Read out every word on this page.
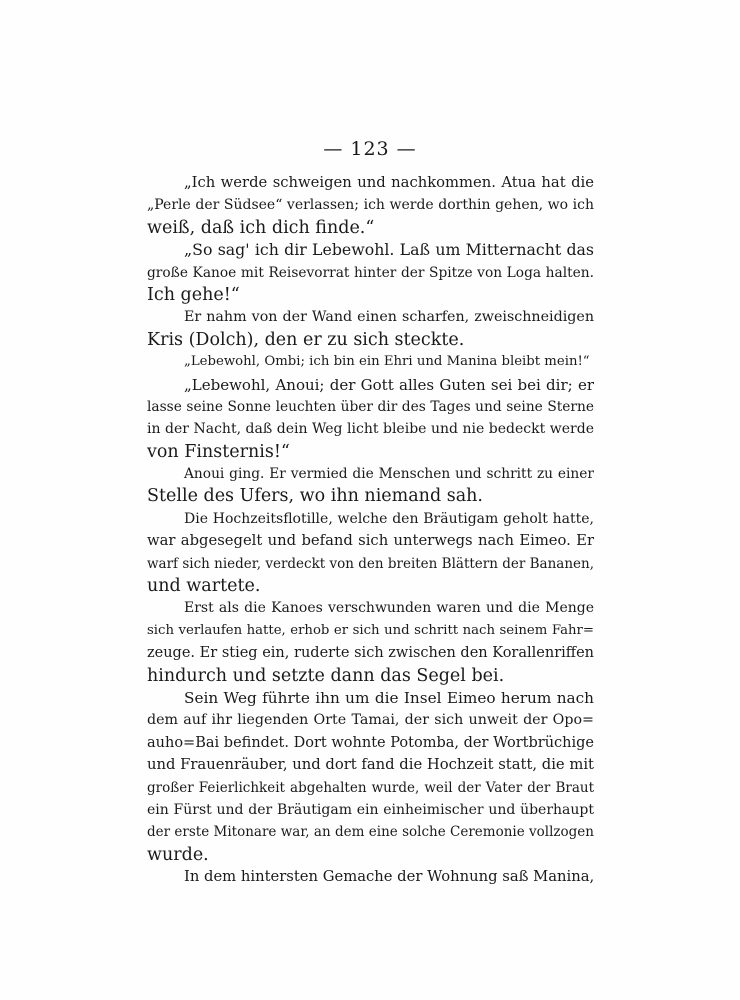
— 123 —
„Ich werde schweigen und nachkommen. Atua hat die
„Perle der Südsee“ verlassen; ich werde dorthin gehen, wo ich
weiß, daß ich dich finde.“
„So sag' ich dir Lebewohl. Laß um Mitternacht das
große Kanoe mit Reisevorrat hinter der Spitze von Loga halten.
Ich gehe!“
Er nahm von der Wand einen scharfen, zweischneidigen
Kris (Dolch), den er zu sich steckte.
„Lebewohl, Ombi; ich bin ein Ehri und Manina bleibt mein!“
„Lebewohl, Anoui; der Gott alles Guten sei bei dir; er
lasse seine Sonne leuchten über dir des Tages und seine Sterne
in der Nacht, daß dein Weg licht bleibe und nie bedeckt werde
von Finsternis!“
Anoui ging. Er vermied die Menschen und schritt zu einer
Stelle des Ufers, wo ihn niemand sah.
Die Hochzeitsflotille, welche den Bräutigam geholt hatte,
war abgesegelt und befand sich unterwegs nach Eimeo. Er
warf sich nieder, verdeckt von den breiten Blättern der Bananen,
und wartete.
Erst als die Kanoes verschwunden waren und die Menge
sich verlaufen hatte, erhob er sich und schritt nach seinem Fahr=
zeuge. Er stieg ein, ruderte sich zwischen den Korallenriffen
hindurch und setzte dann das Segel bei.
Sein Weg führte ihn um die Insel Eimeo herum nach
dem auf ihr liegenden Orte Tamai, der sich unweit der Opo=
auho=Bai befindet. Dort wohnte Potomba, der Wortbrüchige
und Frauenräuber, und dort fand die Hochzeit statt, die mit
großer Feierlichkeit abgehalten wurde, weil der Vater der Braut
ein Fürst und der Bräutigam ein einheimischer und überhaupt
der erste Mitonare war, an dem eine solche Ceremonie vollzogen
wurde.
In dem hintersten Gemache der Wohnung saß Manina,
